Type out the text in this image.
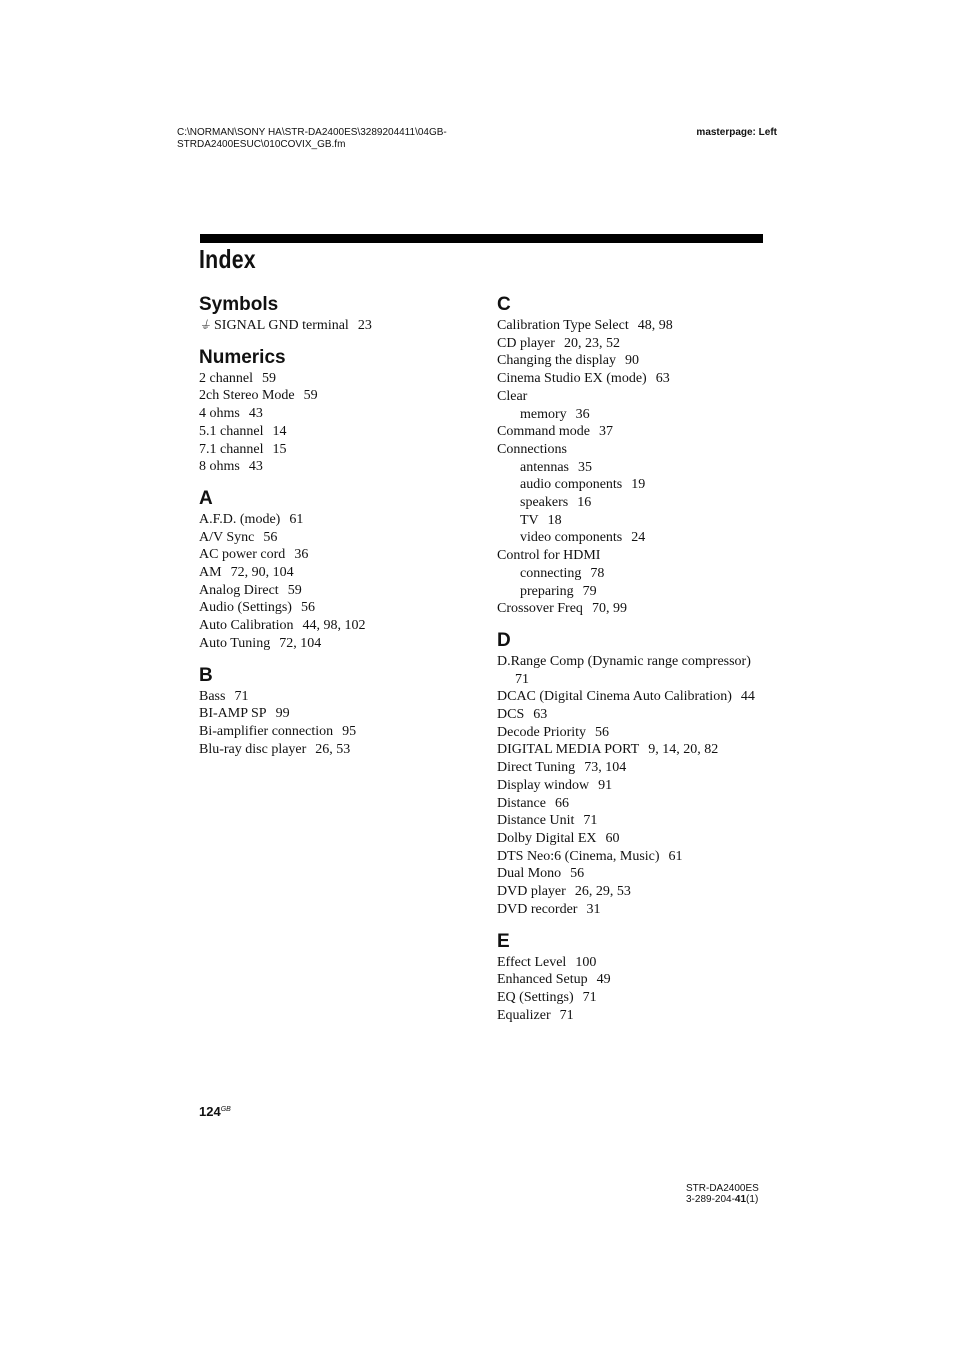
C:\NORMAN\SONY HA\STR-DA2400ES\3289204411\04GB-
STRDA2400ESUC\010COVIX_GB.fm
masterpage: Left
Index
Symbols
⏚ SIGNAL GND terminal 23
Numerics
2 channel 59
2ch Stereo Mode 59
4 ohms 43
5.1 channel 14
7.1 channel 15
8 ohms 43
A
A.F.D. (mode) 61
A/V Sync 56
AC power cord 36
AM 72, 90, 104
Analog Direct 59
Audio (Settings) 56
Auto Calibration 44, 98, 102
Auto Tuning 72, 104
B
Bass 71
BI-AMP SP 99
Bi-amplifier connection 95
Blu-ray disc player 26, 53
C
Calibration Type Select 48, 98
CD player 20, 23, 52
Changing the display 90
Cinema Studio EX (mode) 63
Clear
memory 36
Command mode 37
Connections
antennas 35
audio components 19
speakers 16
TV 18
video components 24
Control for HDMI
connecting 78
preparing 79
Crossover Freq 70, 99
D
D.Range Comp (Dynamic range compressor)
71
DCAC (Digital Cinema Auto Calibration) 44
DCS 63
Decode Priority 56
DIGITAL MEDIA PORT 9, 14, 20, 82
Direct Tuning 73, 104
Display window 91
Distance 66
Distance Unit 71
Dolby Digital EX 60
DTS Neo:6 (Cinema, Music) 61
Dual Mono 56
DVD player 26, 29, 53
DVD recorder 31
E
Effect Level 100
Enhanced Setup 49
EQ (Settings) 71
Equalizer 71
$124^{GB}$
STR-DA2400ES
3-289-204-41(1)
